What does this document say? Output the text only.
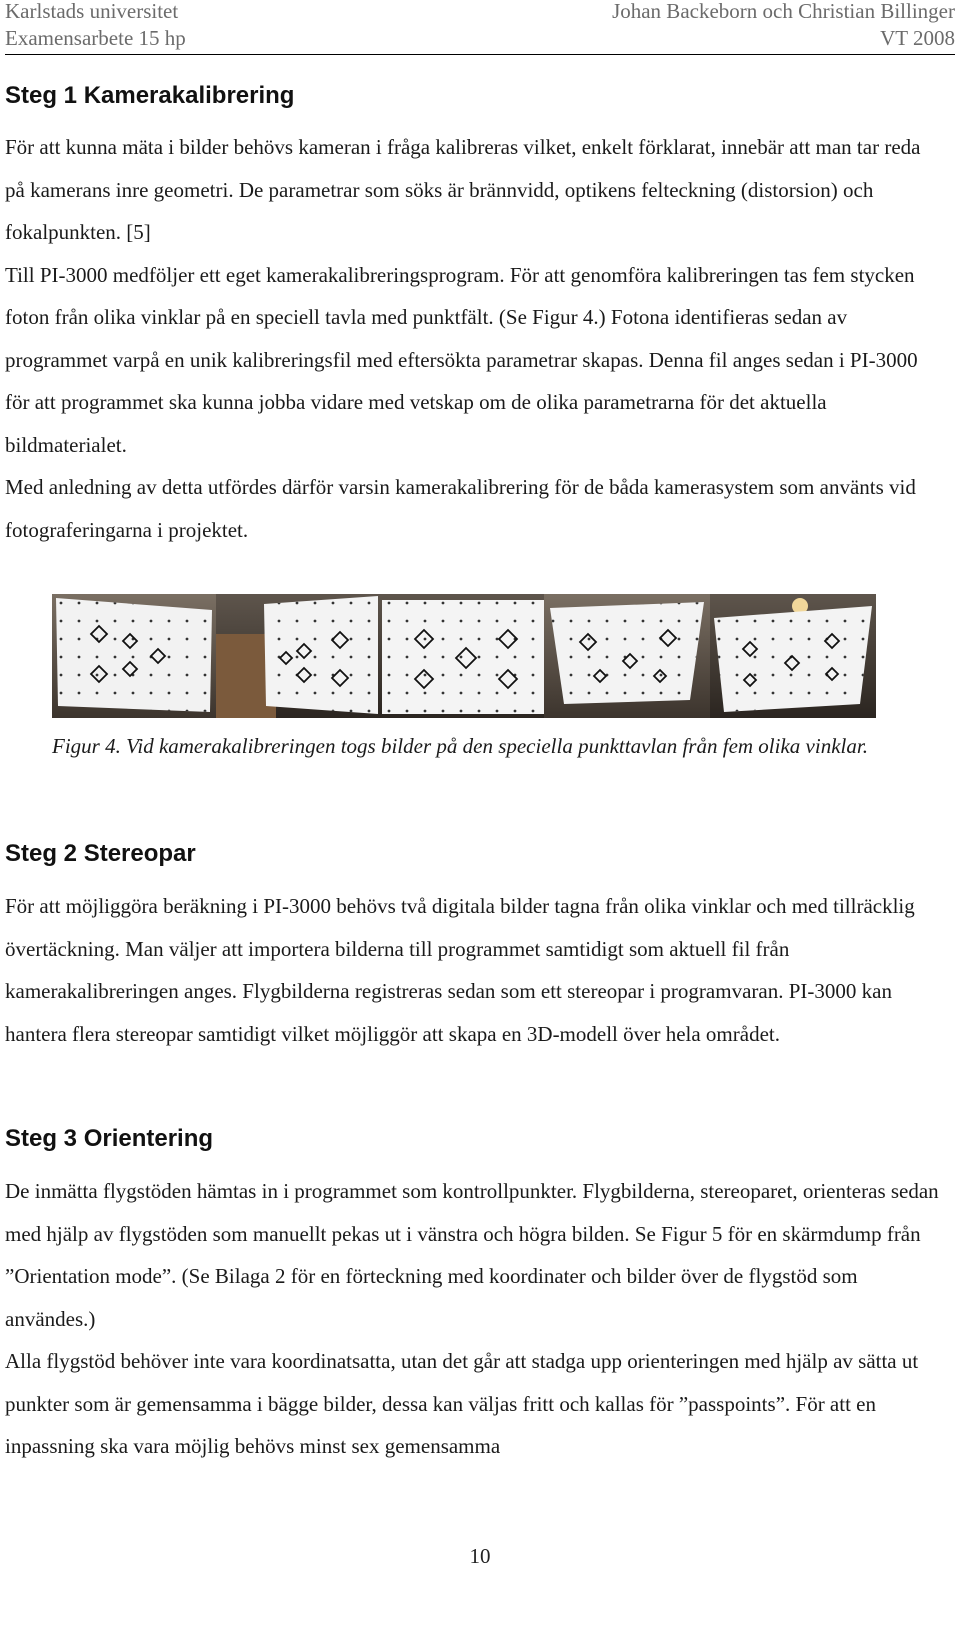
Karlstads universitet
Examensarbete 15 hp
Johan Backeborn och Christian Billinger
VT 2008
Steg 1 Kamerakalibrering

För att kunna mäta i bilder behövs kameran i fråga kalibreras vilket, enkelt förklarat, innebär att man tar reda på kamerans inre geometri. De parametrar som söks är brännvidd, optikens felteckning (distorsion) och fokalpunkten. [5]

Till PI-3000 medföljer ett eget kamerakalibreringsprogram. För att genomföra kalibreringen tas fem stycken foton från olika vinklar på en speciell tavla med punktfält. (Se Figur 4.) Fotona identifieras sedan av programmet varpå en unik kalibreringsfil med eftersökta parametrar skapas. Denna fil anges sedan i PI-3000 för att programmet ska kunna jobba vidare med vetskap om de olika parametrarna för det aktuella bildmaterialet.

Med anledning av detta utfördes därför varsin kamerakalibrering för de båda kamerasystem som använts vid fotograferingarna i projektet.

Figur 4. Vid kamerakalibreringen togs bilder på den speciella punkttavlan från fem olika vinklar.
Steg 2 Stereopar

För att möjliggöra beräkning i PI-3000 behövs två digitala bilder tagna från olika vinklar och med tillräcklig övertäckning. Man väljer att importera bilderna till programmet samtidigt som aktuell fil från kamerakalibreringen anges. Flygbilderna registreras sedan som ett stereopar i programvaran. PI-3000 kan hantera flera stereopar samtidigt vilket möjliggör att skapa en 3D-modell över hela området.

Steg 3 Orientering

De inmätta flygstöden hämtas in i programmet som kontrollpunkter. Flygbilderna, stereoparet, orienteras sedan med hjälp av flygstöden som manuellt pekas ut i vänstra och högra bilden. Se Figur 5 för en skärmdump från ”Orientation mode”. (Se Bilaga 2 för en förteckning med koordinater och bilder över de flygstöd som användes.)

Alla flygstöd behöver inte vara koordinatsatta, utan det går att stadga upp orienteringen med hjälp av sätta ut punkter som är gemensamma i bägge bilder, dessa kan väljas fritt och kallas för ”passpoints”. För att en inpassning ska vara möjlig behövs minst sex gemensamma

10
